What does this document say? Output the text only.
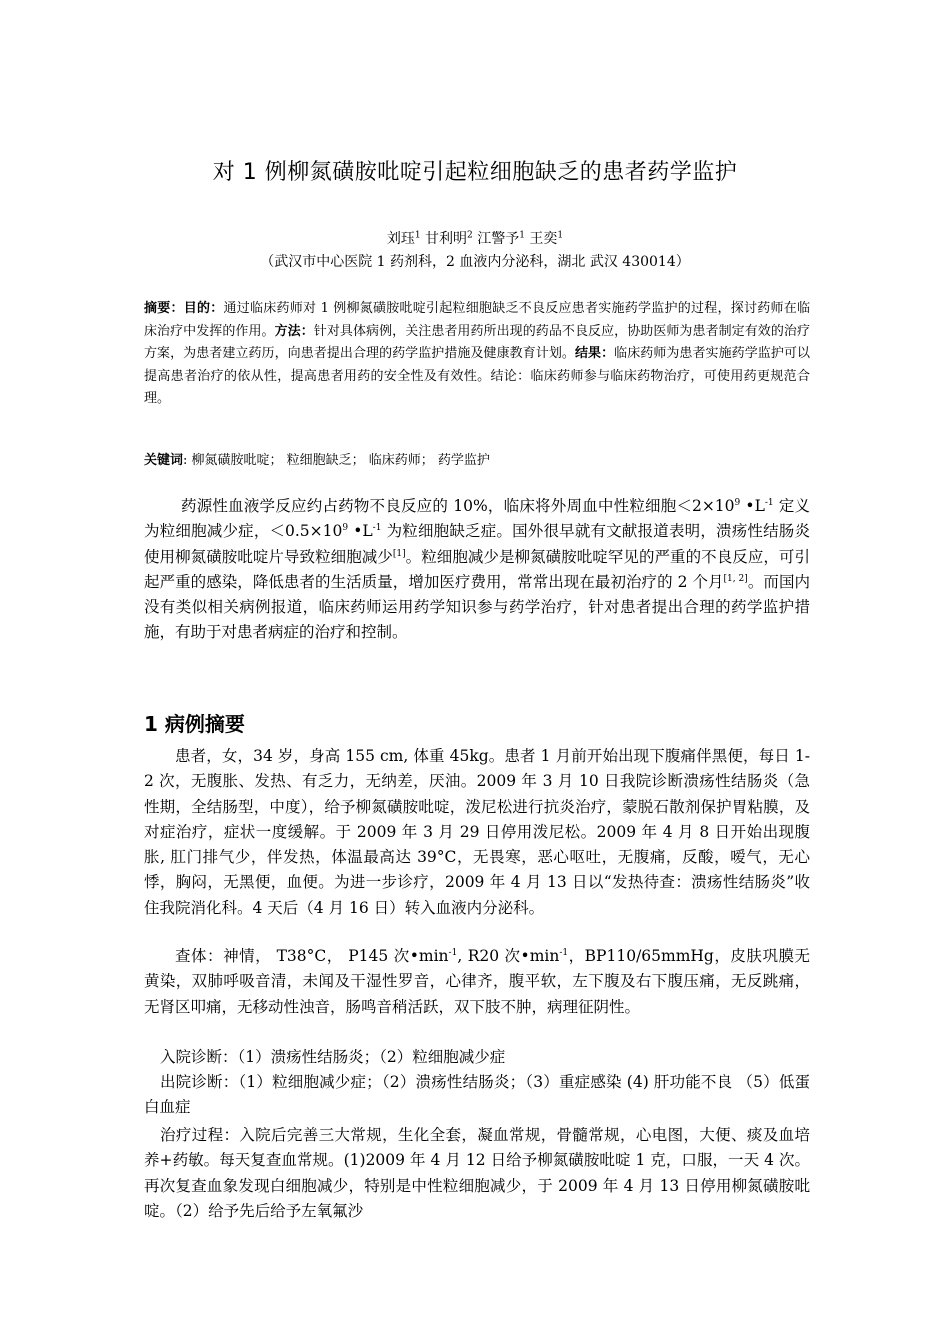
对 1 例柳氮磺胺吡啶引起粒细胞缺乏的患者药学监护
刘珏$^1$ 甘利明$^2$ 江警予$^1$ 王奕$^1$
（武汉市中心医院 1 药剂科，2 血液内分泌科，湖北 武汉 430014）
摘要：目的：通过临床药师对 1 例柳氮磺胺吡啶引起粒细胞缺乏不良反应患者实施药学监护的过程，探讨药师在临床治疗中发挥的作用。方法：针对具体病例，关注患者用药所出现的药品不良反应，协助医师为患者制定有效的治疗方案，为患者建立药历，向患者提出合理的药学监护措施及健康教育计划。结果：临床药师为患者实施药学监护可以提高患者治疗的依从性，提高患者用药的安全性及有效性。结论：临床药师参与临床药物治疗，可使用药更规范合理。
关键词: 柳氮磺胺吡啶； 粒细胞缺乏； 临床药师； 药学监护
药源性血液学反应约占药物不良反应的 10%，临床将外周血中性粒细胞$<2\times 10^9$ $•L^{-1}$ 定义为粒细胞减少症，$<0.5\times 10^9$ $•L^{-1}$ 为粒细胞缺乏症。国外很早就有文献报道表明，溃疡性结肠炎使用柳氮磺胺吡啶片导致粒细胞减少[1]。粒细胞减少是柳氮磺胺吡啶罕见的严重的不良反应，可引起严重的感染，降低患者的生活质量，增加医疗费用，常常出现在最初治疗的 2 个月[1, 2]。而国内没有类似相关病例报道，临床药师运用药学知识参与药学治疗，针对患者提出合理的药学监护措施，有助于对患者病症的治疗和控制。
1 病例摘要
患者，女，34 岁，身高 155 cm, 体重 45kg。患者 1 月前开始出现下腹痛伴黑便，每日 1-2 次，无腹胀、发热、有乏力，无纳差，厌油。2009 年 3 月 10 日我院诊断溃疡性结肠炎（急性期，全结肠型，中度），给予柳氮磺胺吡啶，泼尼松进行抗炎治疗，蒙脱石散剂保护胃粘膜，及对症治疗，症状一度缓解。于 2009 年 3 月 29 日停用泼尼松。2009 年 4 月 8 日开始出现腹胀, 肛门排气少，伴发热，体温最高达 39°C，无畏寒，恶心呕吐，无腹痛，反酸，嗳气，无心悸，胸闷，无黑便，血便。为进一步诊疗，2009 年 4 月 13 日以“发热待查：溃疡性结肠炎”收住我院消化科。4 天后（4 月 16 日）转入血液内分泌科。
查体：神情， T38°C， P145 次$•\min^{-1}$, R20 次$•\min^{-1}$，BP110/65mmHg，皮肤巩膜无黄染，双肺呼吸音清，未闻及干湿性罗音，心律齐，腹平软，左下腹及右下腹压痛，无反跳痛，无肾区叩痛，无移动性浊音，肠鸣音稍活跃，双下肢不肿，病理征阴性。
入院诊断：（1）溃疡性结肠炎；（2）粒细胞减少症
出院诊断：（1）粒细胞减少症；（2）溃疡性结肠炎；（3）重症感染 (4) 肝功能不良 （5）低蛋白血症
治疗过程：入院后完善三大常规，生化全套，凝血常规，骨髓常规，心电图，大便、痰及血培养+药敏。每天复查血常规。(1)2009 年 4 月 12 日给予柳氮磺胺吡啶 1 克，口服，一天 4 次。再次复查血象发现白细胞减少，特别是中性粒细胞减少，于 2009 年 4 月 13 日停用柳氮磺胺吡啶。（2）给予先后给予左氧氟沙
